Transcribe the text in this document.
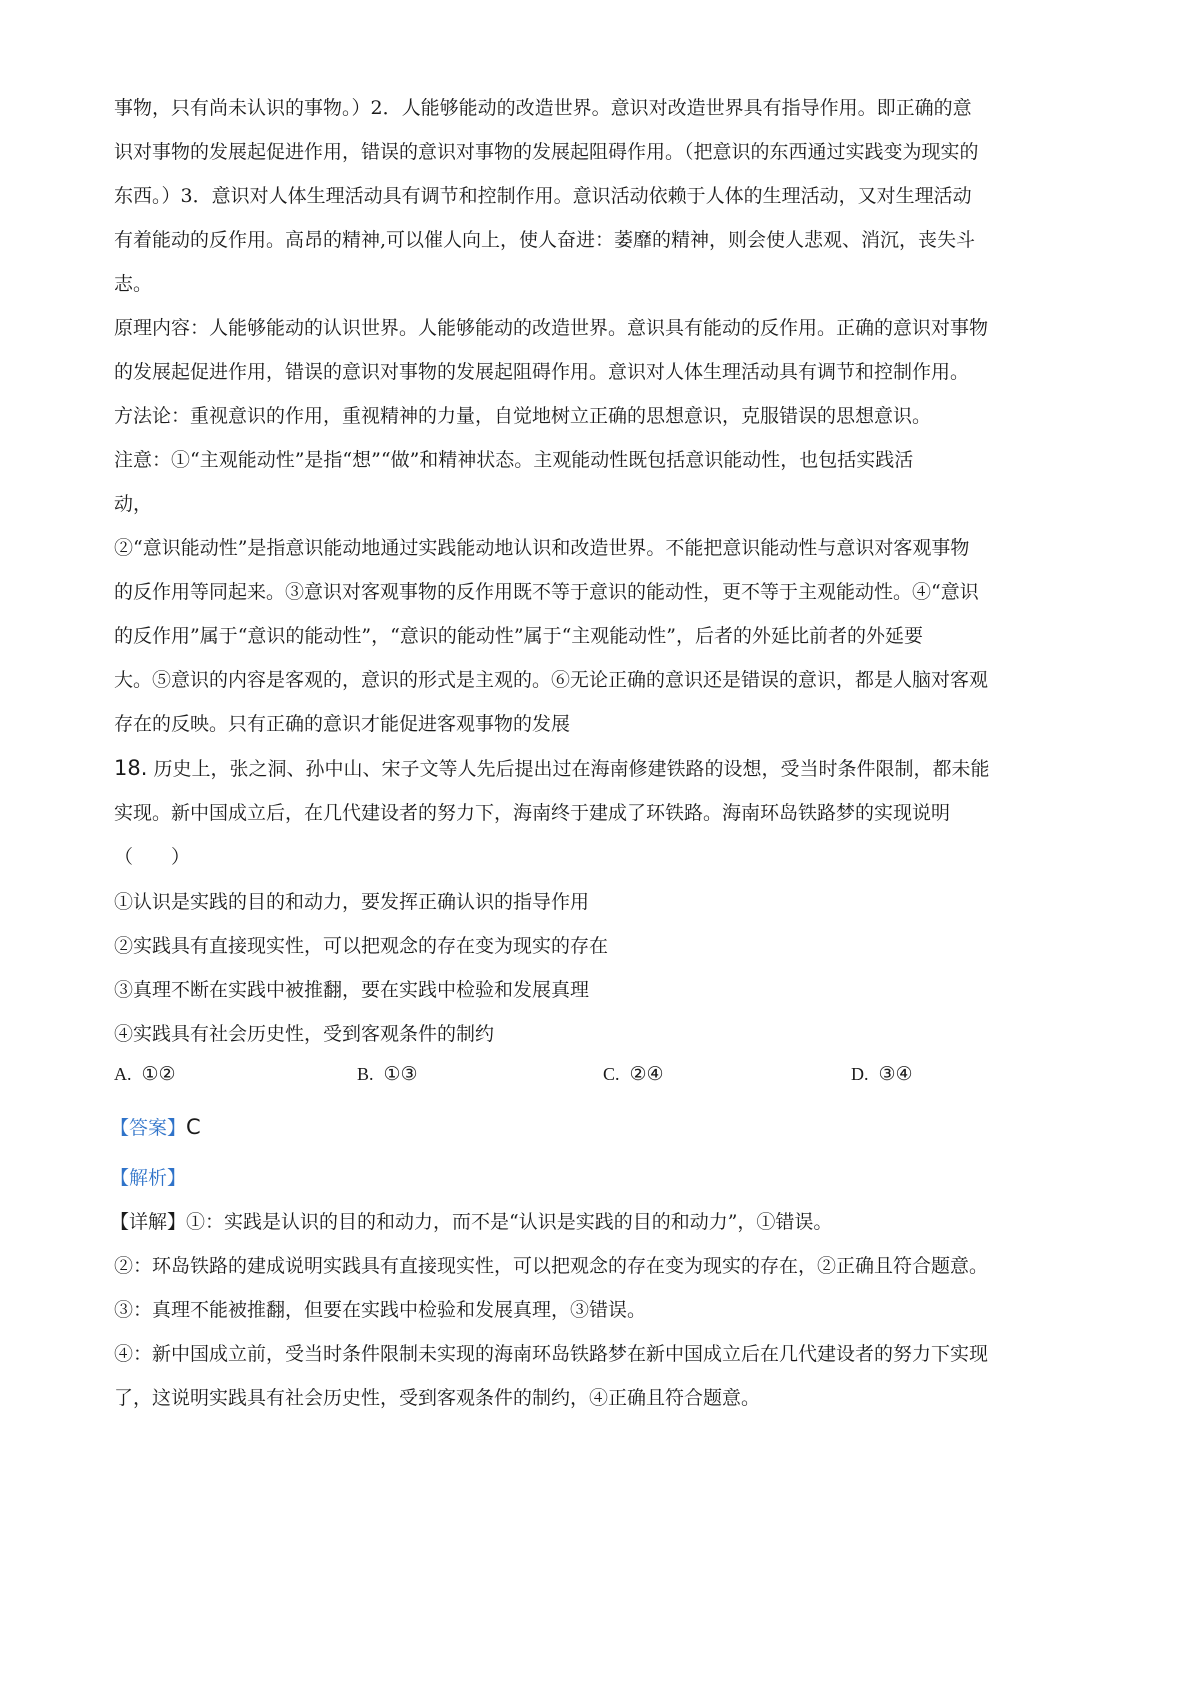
事物，只有尚未认识的事物。）2．人能够能动的改造世界。意识对改造世界具有指导作用。即正确的意
识对事物的发展起促进作用，错误的意识对事物的发展起阻碍作用。（把意识的东西通过实践变为现实的
东西。）3．意识对人体生理活动具有调节和控制作用。意识活动依赖于人体的生理活动，又对生理活动
有着能动的反作用。高昂的精神,可以催人向上，使人奋进：萎靡的精神，则会使人悲观、消沉，丧失斗
志。
原理内容：人能够能动的认识世界。人能够能动的改造世界。意识具有能动的反作用。正确的意识对事物
的发展起促进作用，错误的意识对事物的发展起阻碍作用。意识对人体生理活动具有调节和控制作用。
方法论：重视意识的作用，重视精神的力量，自觉地树立正确的思想意识，克服错误的思想意识。
注意：①“主观能动性”是指“想”“做”和精神状态。主观能动性既包括意识能动性，也包括实践活
动，
②“意识能动性”是指意识能动地通过实践能动地认识和改造世界。不能把意识能动性与意识对客观事物
的反作用等同起来。③意识对客观事物的反作用既不等于意识的能动性，更不等于主观能动性。④“意识
的反作用”属于“意识的能动性”，“意识的能动性”属于“主观能动性”，后者的外延比前者的外延要
大。⑤意识的内容是客观的，意识的形式是主观的。⑥无论正确的意识还是错误的意识，都是人脑对客观
存在的反映。只有正确的意识才能促进客观事物的发展
18. 历史上，张之洞、孙中山、宋子文等人先后提出过在海南修建铁路的设想，受当时条件限制，都未能
实现。新中国成立后，在几代建设者的努力下，海南终于建成了环铁路。海南环岛铁路梦的实现说明
（　　）
①认识是实践的目的和动力，要发挥正确认识的指导作用
②实践具有直接现实性，可以把观念的存在变为现实的存在
③真理不断在实践中被推翻，要在实践中检验和发展真理
④实践具有社会历史性，受到客观条件的制约
A. ①②	B. ①③	C. ②④	D. ③④
【答案】C
【解析】
【详解】①：实践是认识的目的和动力，而不是“认识是实践的目的和动力”，①错误。
②：环岛铁路的建成说明实践具有直接现实性，可以把观念的存在变为现实的存在，②正确且符合题意。
③：真理不能被推翻，但要在实践中检验和发展真理，③错误。
④：新中国成立前，受当时条件限制未实现的海南环岛铁路梦在新中国成立后在几代建设者的努力下实现
了，这说明实践具有社会历史性，受到客观条件的制约，④正确且符合题意。
